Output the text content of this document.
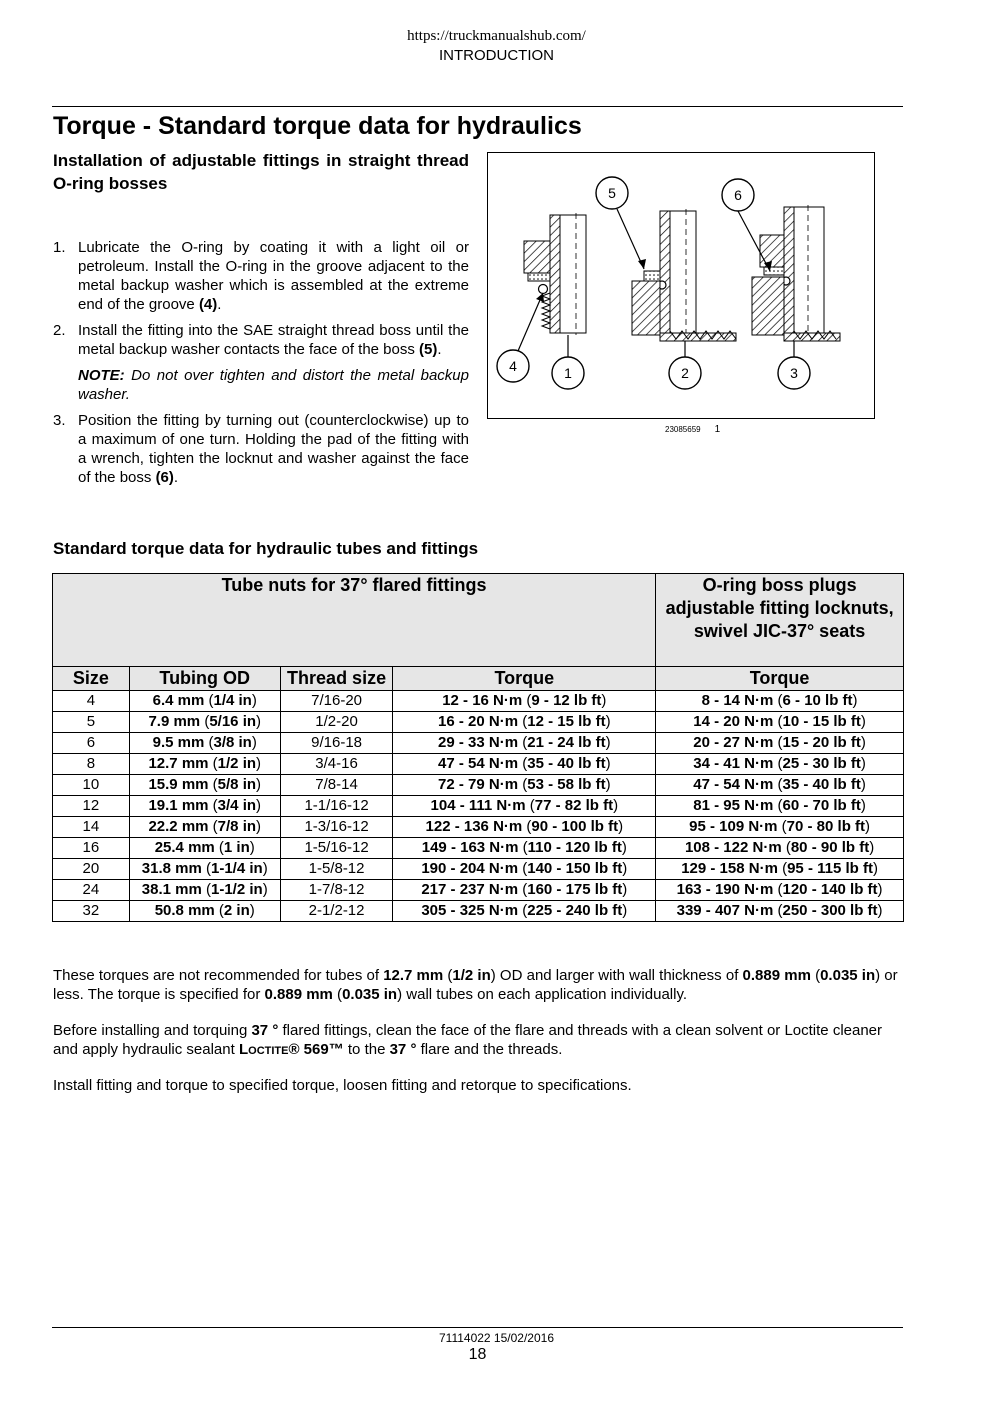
https://truckmanualshub.com/
INTRODUCTION
Torque - Standard torque data for hydraulics
Installation of adjustable fittings in straight thread O-ring bosses
1. Lubricate the O-ring by coating it with a light oil or petroleum. Install the O-ring in the groove adjacent to the metal backup washer which is assembled at the extreme end of the groove (4).
2. Install the fitting into the SAE straight thread boss until the metal backup washer contacts the face of the boss (5).
NOTE: Do not over tighten and distort the metal backup washer.
3. Position the fitting by turning out (counterclockwise) up to a maximum of one turn. Holding the pad of the fitting with a wrench, tighten the locknut and washer against the face of the boss (6).
5	6
4	1	2	3
23085659 1
Standard torque data for hydraulic tubes and fittings
Tube nuts for 37° flared fittings				O-ring boss plugs adjustable fitting locknuts, swivel JIC-37° seats
Size	Tubing OD	Thread size	Torque	Torque
4	6.4 mm (1/4 in)	7/16-20	12 - 16 N·m (9 - 12 lb ft)	8 - 14 N·m (6 - 10 lb ft)
5	7.9 mm (5/16 in)	1/2-20	16 - 20 N·m (12 - 15 lb ft)	14 - 20 N·m (10 - 15 lb ft)
6	9.5 mm (3/8 in)	9/16-18	29 - 33 N·m (21 - 24 lb ft)	20 - 27 N·m (15 - 20 lb ft)
8	12.7 mm (1/2 in)	3/4-16	47 - 54 N·m (35 - 40 lb ft)	34 - 41 N·m (25 - 30 lb ft)
10	15.9 mm (5/8 in)	7/8-14	72 - 79 N·m (53 - 58 lb ft)	47 - 54 N·m (35 - 40 lb ft)
12	19.1 mm (3/4 in)	1-1/16-12	104 - 111 N·m (77 - 82 lb ft)	81 - 95 N·m (60 - 70 lb ft)
14	22.2 mm (7/8 in)	1-3/16-12	122 - 136 N·m (90 - 100 lb ft)	95 - 109 N·m (70 - 80 lb ft)
16	25.4 mm (1 in)	1-5/16-12	149 - 163 N·m (110 - 120 lb ft)	108 - 122 N·m (80 - 90 lb ft)
20	31.8 mm (1-1/4 in)	1-5/8-12	190 - 204 N·m (140 - 150 lb ft)	129 - 158 N·m (95 - 115 lb ft)
24	38.1 mm (1-1/2 in)	1-7/8-12	217 - 237 N·m (160 - 175 lb ft)	163 - 190 N·m (120 - 140 lb ft)
32	50.8 mm (2 in)	2-1/2-12	305 - 325 N·m (225 - 240 lb ft)	339 - 407 N·m (250 - 300 lb ft)

These torques are not recommended for tubes of 12.7 mm (1/2 in) OD and larger with wall thickness of 0.889 mm (0.035 in) or less. The torque is specified for 0.889 mm (0.035 in) wall tubes on each application individually.

Before installing and torquing 37 ° flared fittings, clean the face of the flare and threads with a clean solvent or Loctite cleaner and apply hydraulic sealant Loctite® 569™ to the 37 ° flare and the threads.

Install fitting and torque to specified torque, loosen fitting and retorque to specifications.

71114022 15/02/2016
18
